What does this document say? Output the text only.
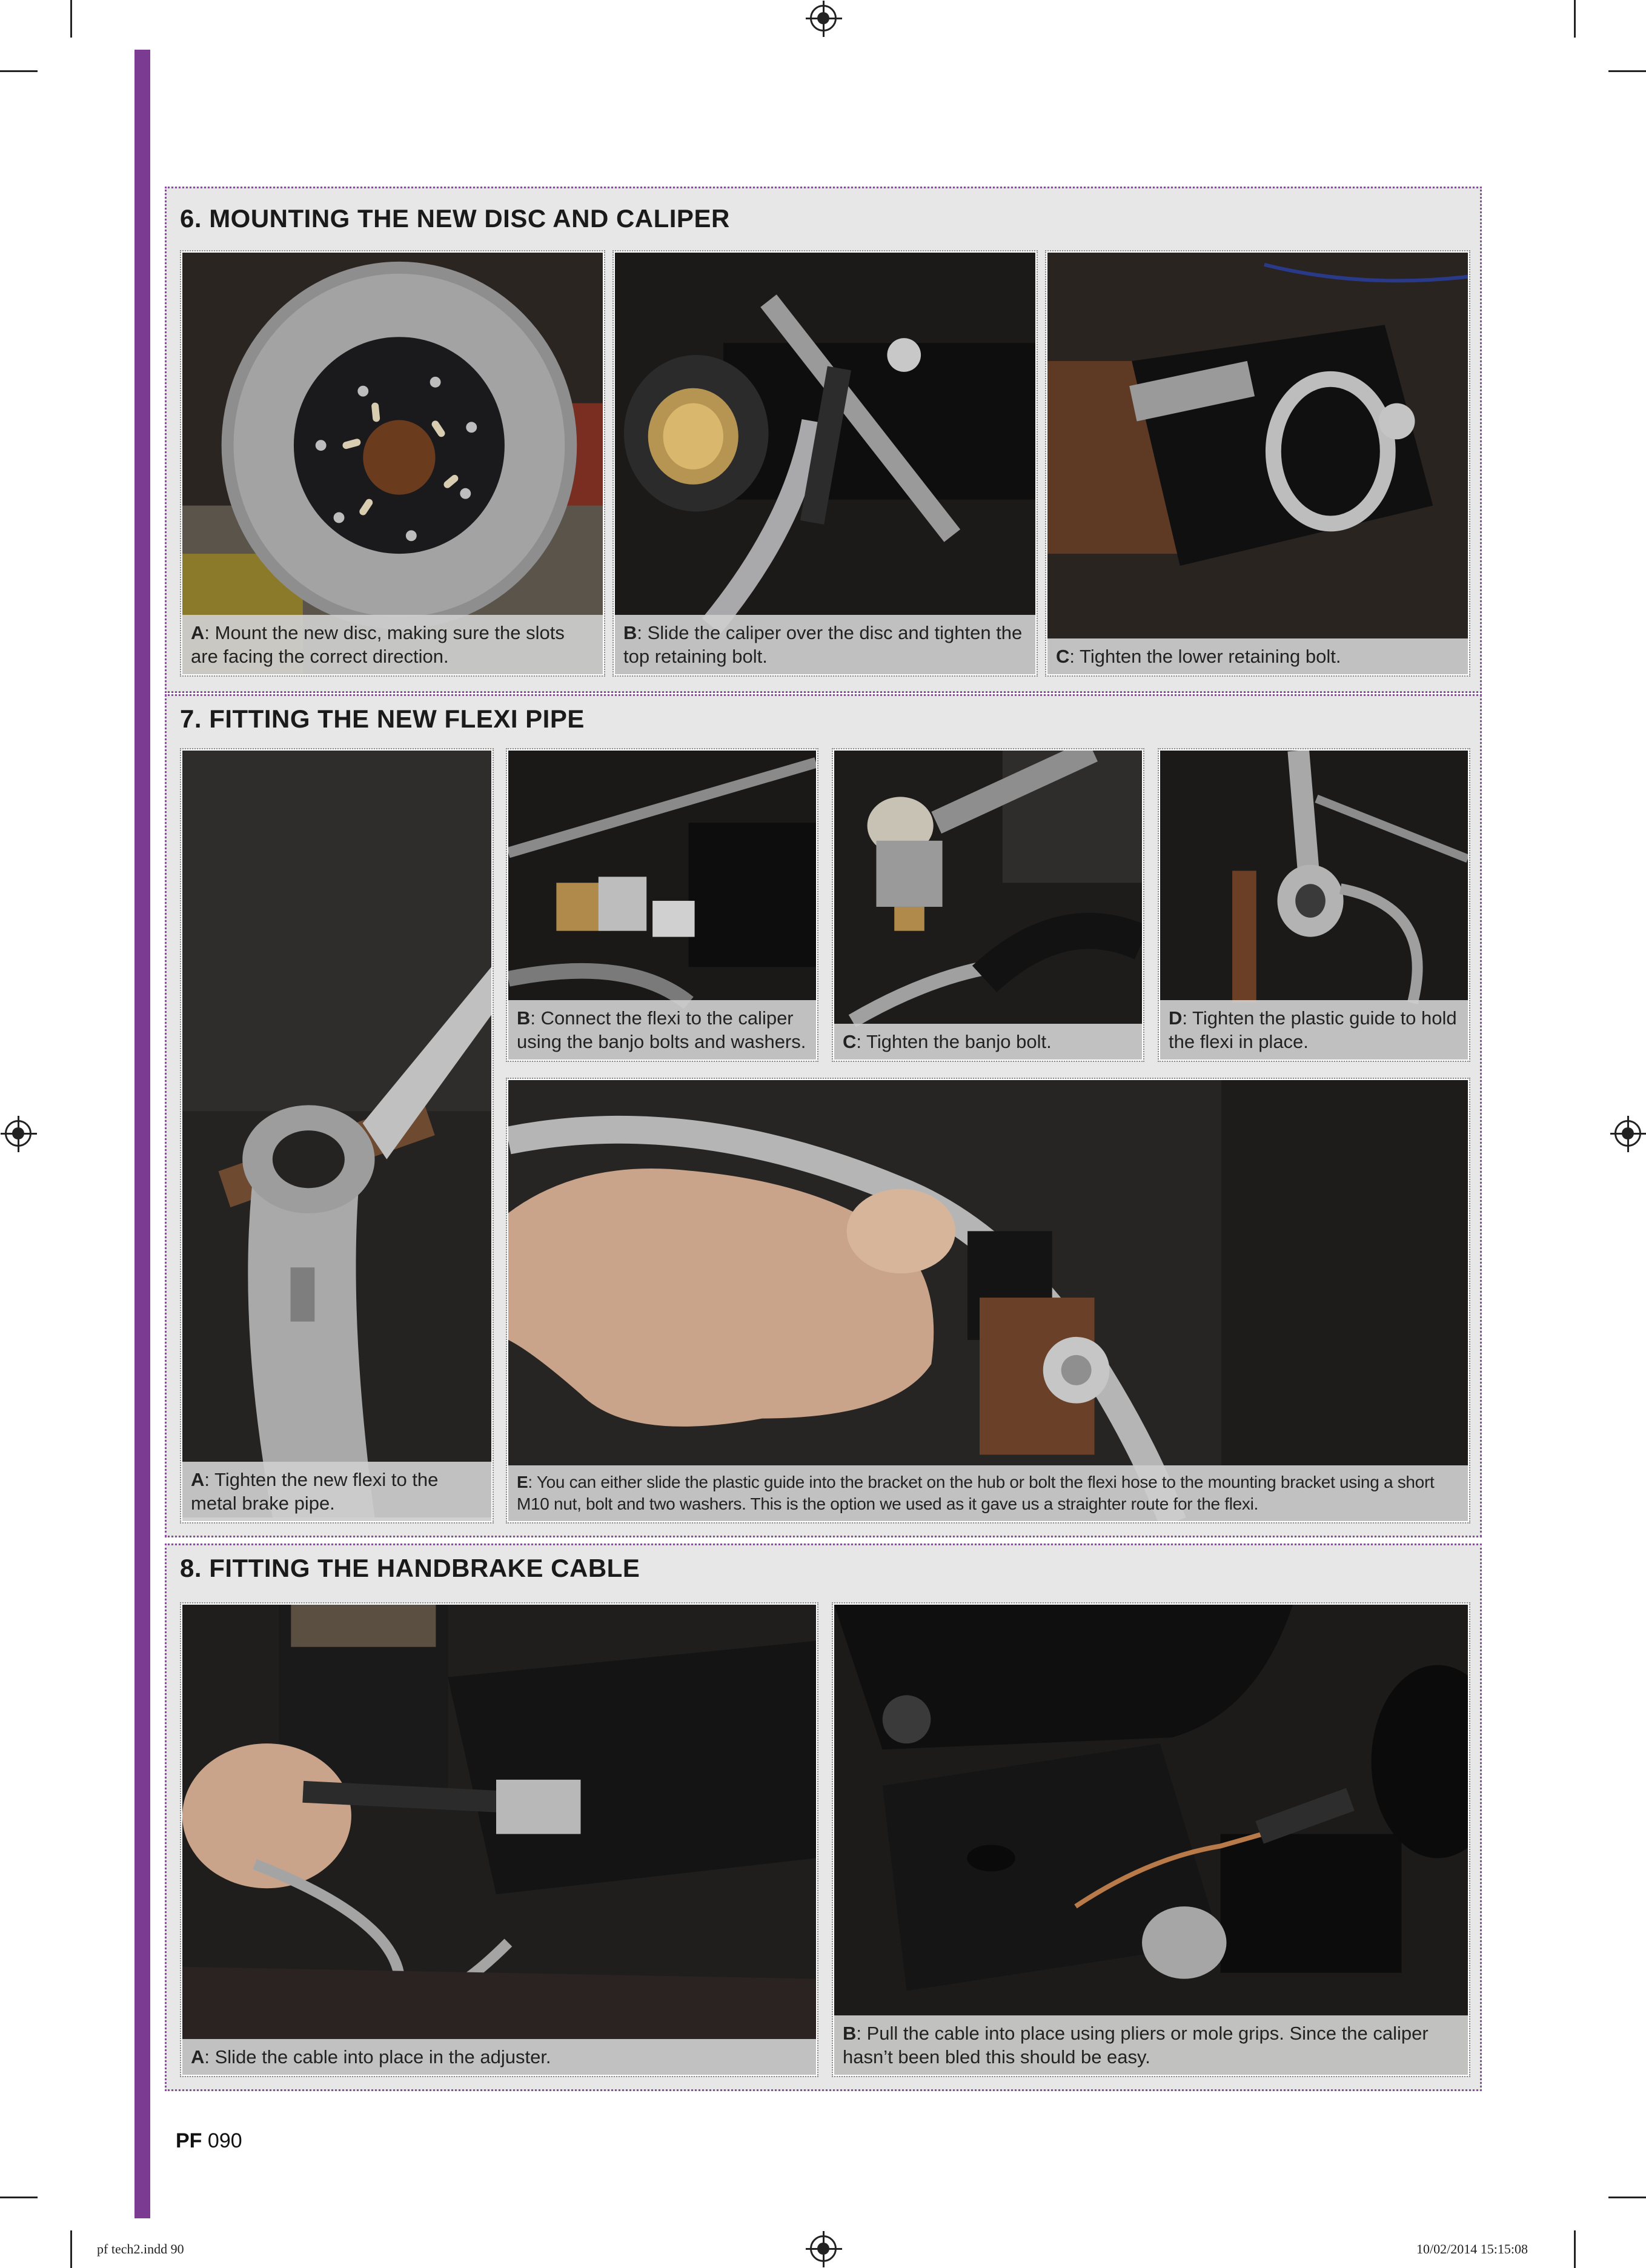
6. MOUNTING THE NEW DISC AND CALIPER
A: Mount the new disc, making sure the slots are facing the correct direction.
B: Slide the caliper over the disc and tighten the top retaining bolt.	C: Tighten the lower retaining bolt.
7. FITTING THE NEW FLEXI PIPE
A: Tighten the new flexi to the metal brake pipe.
B: Connect the flexi to the caliper using the banjo bolts and washers.	C: Tighten the banjo bolt.
D: Tighten the plastic guide to hold the flexi in place.
E: You can either slide the plastic guide into the bracket on the hub or bolt the flexi hose to the mounting bracket using a short M10 nut, bolt and two washers. This is the option we used as it gave us a straighter route for the flexi.
8. FITTING THE HANDBRAKE CABLE
A: Slide the cable into place in the adjuster.
B: Pull the cable into place using pliers or mole grips. Since the caliper hasn’t been bled this should be easy.
PF 090
pf tech2.indd 90	10/02/2014 15:15:08
